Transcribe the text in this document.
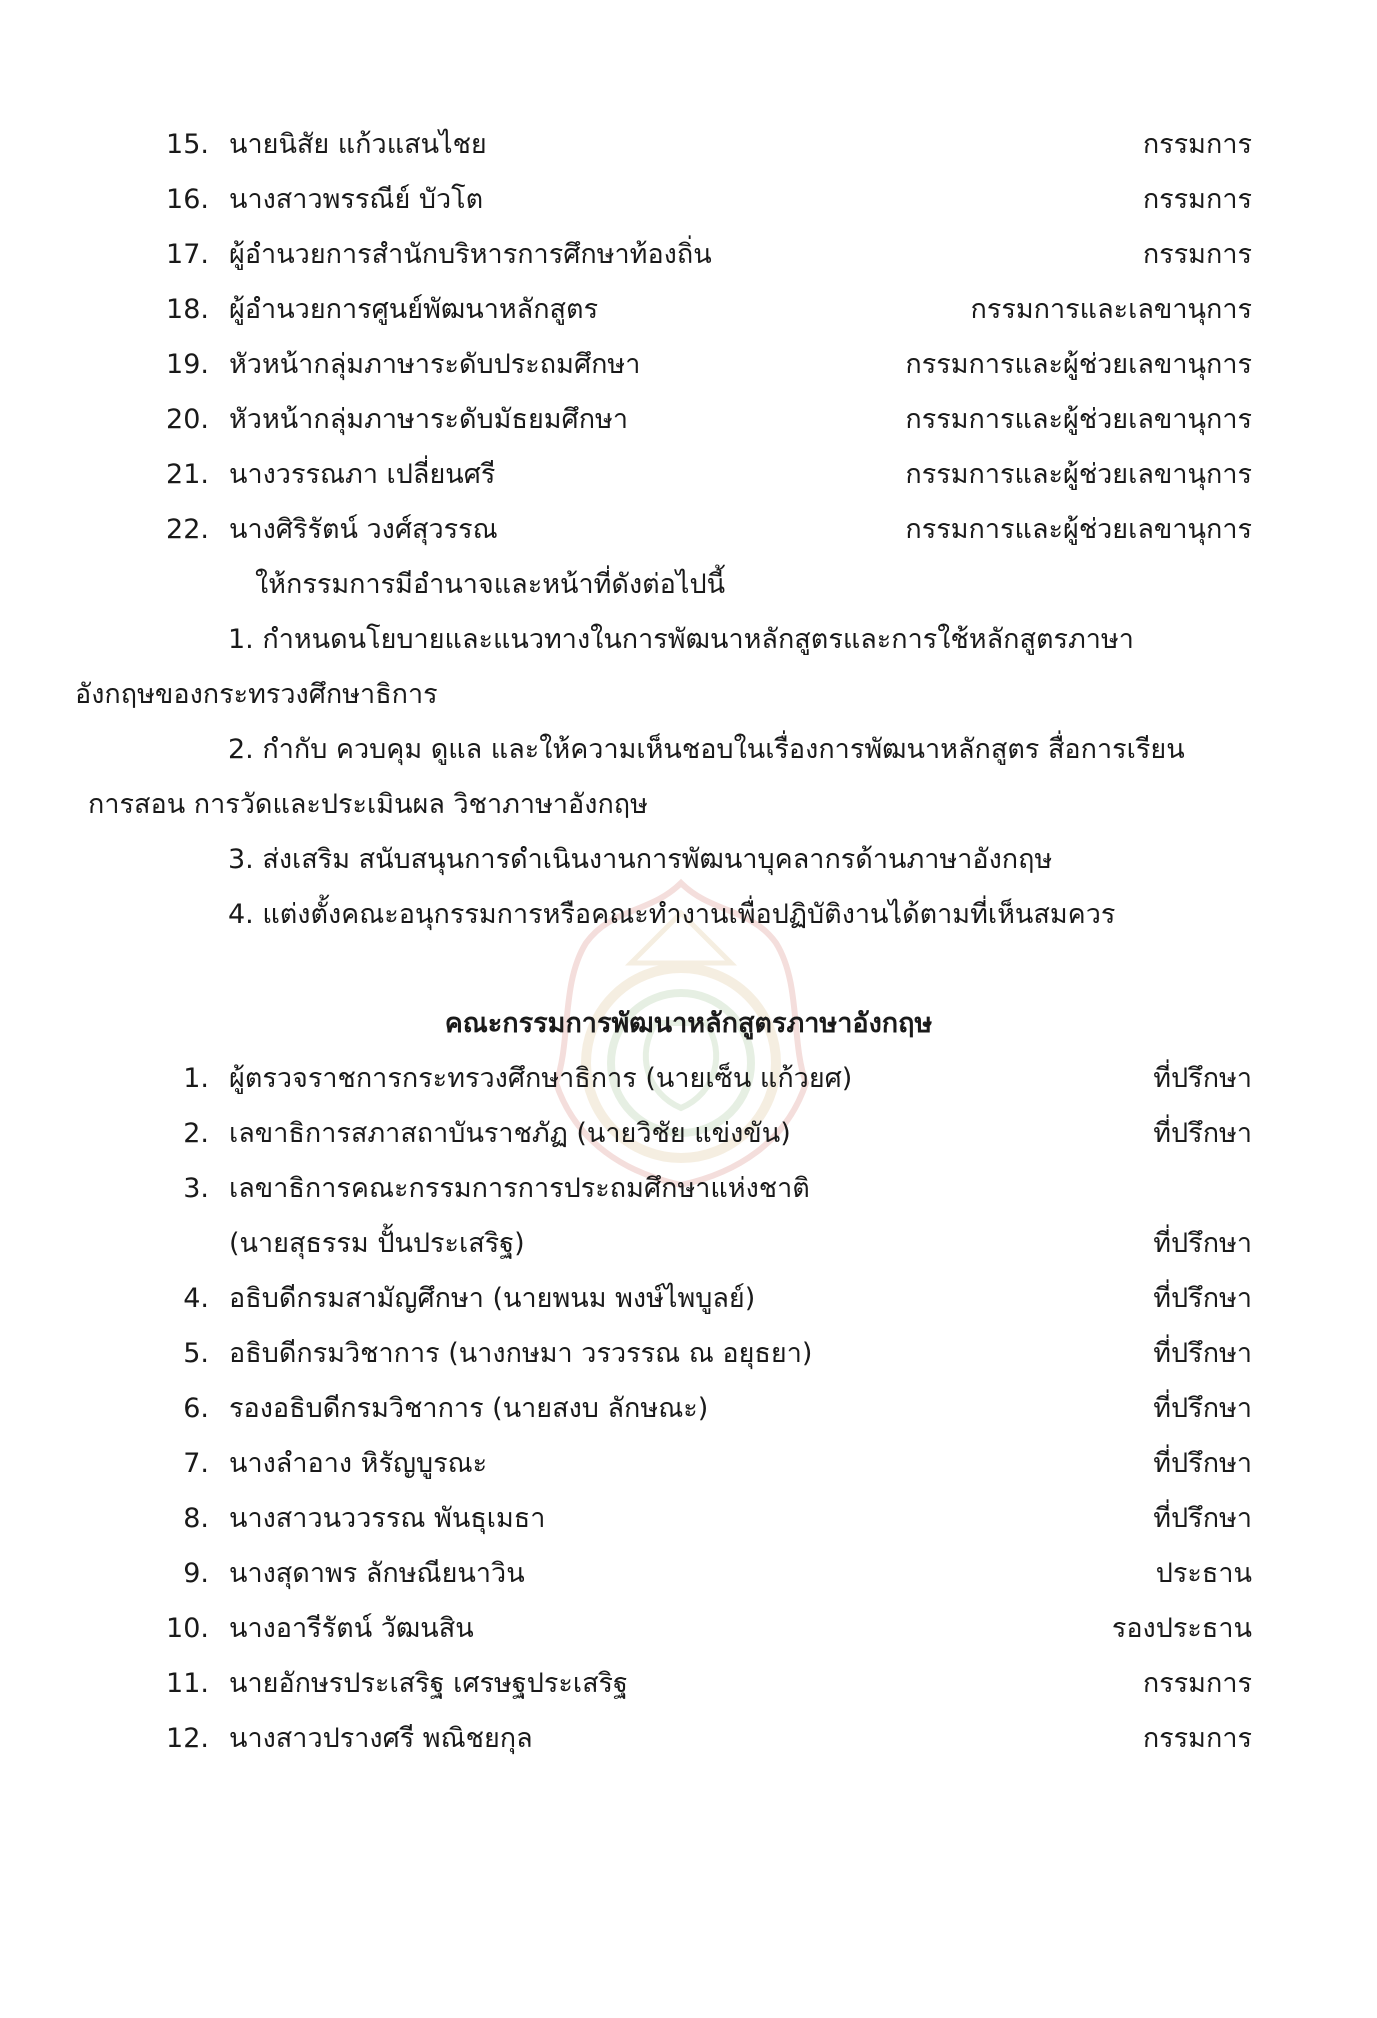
15. นายนิสัย แก้วแสนไชย	กรรมการ
16. นางสาวพรรณีย์ บัวโต	กรรมการ
17. ผู้อำนวยการสำนักบริหารการศึกษาท้องถิ่น	กรรมการ
18. ผู้อำนวยการศูนย์พัฒนาหลักสูตร	กรรมการและเลขานุการ
19. หัวหน้ากลุ่มภาษาระดับประถมศึกษา	กรรมการและผู้ช่วยเลขานุการ
20. หัวหน้ากลุ่มภาษาระดับมัธยมศึกษา	กรรมการและผู้ช่วยเลขานุการ
21. นางวรรณภา เปลี่ยนศรี	กรรมการและผู้ช่วยเลขานุการ
22. นางศิริรัตน์ วงศ์สุวรรณ	กรรมการและผู้ช่วยเลขานุการ
ให้กรรมการมีอำนาจและหน้าที่ดังต่อไปนี้
1. กำหนดนโยบายและแนวทางในการพัฒนาหลักสูตรและการใช้หลักสูตรภาษา
อังกฤษของกระทรวงศึกษาธิการ
2. กำกับ ควบคุม ดูแล และให้ความเห็นชอบในเรื่องการพัฒนาหลักสูตร สื่อการเรียน
การสอน การวัดและประเมินผล วิชาภาษาอังกฤษ
3. ส่งเสริม สนับสนุนการดำเนินงานการพัฒนาบุคลากรด้านภาษาอังกฤษ
4. แต่งตั้งคณะอนุกรรมการหรือคณะทำงานเพื่อปฏิบัติงานได้ตามที่เห็นสมควร
คณะกรรมการพัฒนาหลักสูตรภาษาอังกฤษ
1. ผู้ตรวจราชการกระทรวงศึกษาธิการ (นายเซ็น แก้วยศ)	ที่ปรึกษา
2. เลขาธิการสภาสถาบันราชภัฏ (นายวิชัย แข่งขัน)	ที่ปรึกษา
3. เลขาธิการคณะกรรมการการประถมศึกษาแห่งชาติ
(นายสุธรรม ปั้นประเสริฐ)	ที่ปรึกษา
4. อธิบดีกรมสามัญศึกษา (นายพนม พงษ์ไพบูลย์)	ที่ปรึกษา
5. อธิบดีกรมวิชาการ (นางกษมา วรวรรณ ณ อยุธยา)	ที่ปรึกษา
6. รองอธิบดีกรมวิชาการ (นายสงบ ลักษณะ)	ที่ปรึกษา
7. นางลำอาง หิรัญบูรณะ	ที่ปรึกษา
8. นางสาวนววรรณ พันธุเมธา	ที่ปรึกษา
9. นางสุดาพร ลักษณียนาวิน	ประธาน
10. นางอารีรัตน์ วัฒนสิน	รองประธาน
11. นายอักษรประเสริฐ เศรษฐประเสริฐ	กรรมการ
12. นางสาวปรางศรี พณิชยกุล	กรรมการ
